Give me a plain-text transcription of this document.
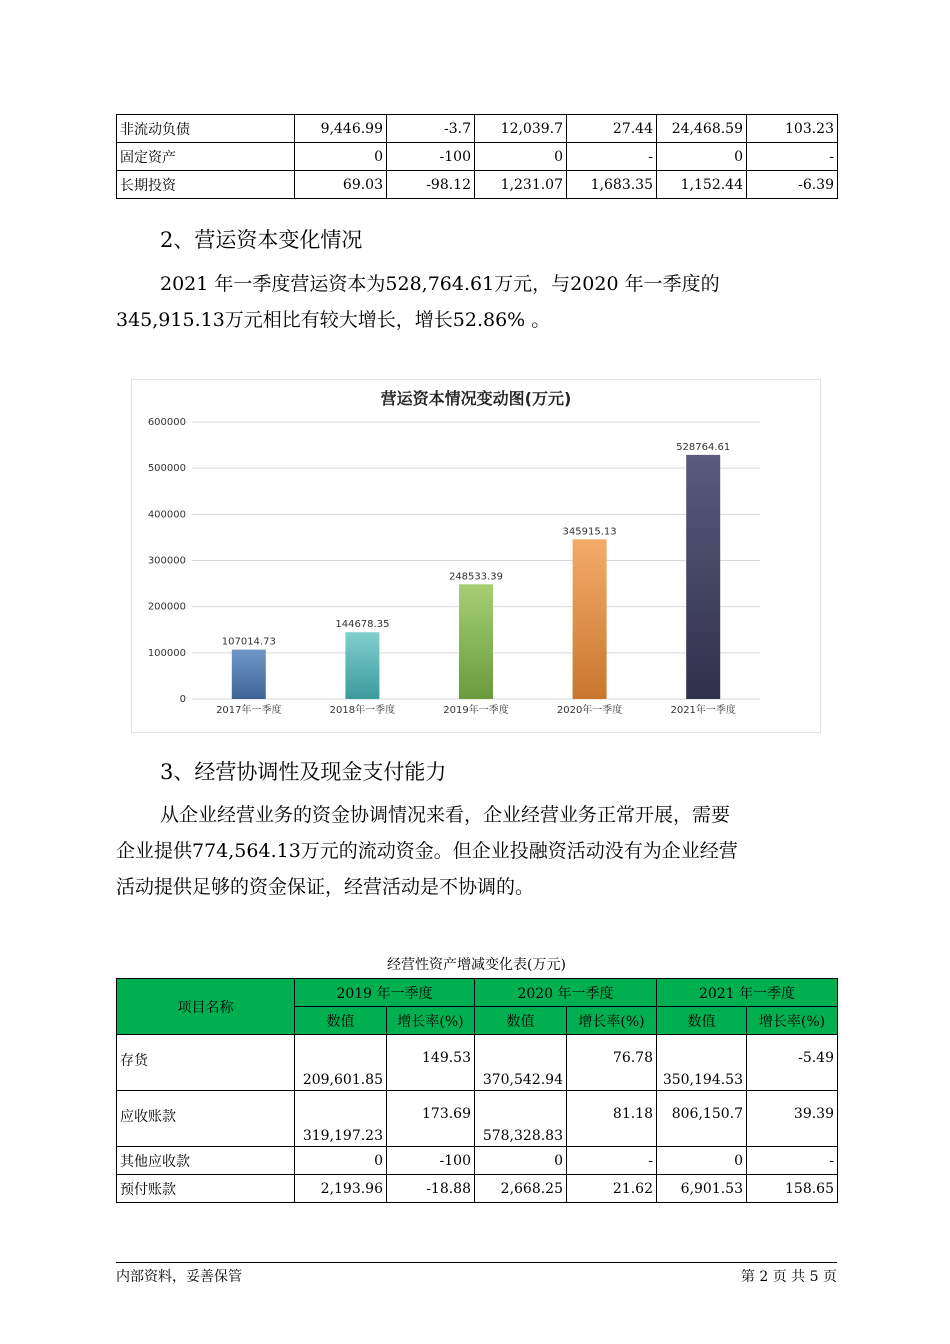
非流动负债	9,446.99	-3.7	12,039.7	27.44	24,468.59	103.23
固定资产	0	-100	0	-	0	-
长期投资	69.03	-98.12	1,231.07	1,683.35	1,152.44	-6.39
2、营运资本变化情况
2021 年一季度营运资本为528,764.61万元，与2020 年一季度的
345,915.13万元相比有较大增长，增长52.86% 。
营运资本情况变动图(万元)
0
100000
200000
300000
400000
500000
600000
107014.73
2017年一季度
144678.35
2018年一季度
248533.39
2019年一季度
345915.13
2020年一季度
528764.61
2021年一季度
3、经营协调性及现金支付能力
从企业经营业务的资金协调情况来看，企业经营业务正常开展，需要
企业提供774,564.13万元的流动资金。但企业投融资活动没有为企业经营
活动提供足够的资金保证，经营活动是不协调的。
经营性资产增减变化表(万元)
项目名称	2019 年一季度		2020 年一季度		2021 年一季度	
	数值	增长率(%)	数值	增长率(%)	数值	增长率(%)
存货	209,601.85	149.53	370,542.94	76.78	350,194.53	-5.49
应收账款	319,197.23	173.69	578,328.83	81.18	806,150.7	39.39
其他应收款	0	-100	0	-	0	-
预付账款	2,193.96	-18.88	2,668.25	21.62	6,901.53	158.65
内部资料，妥善保管	第 2 页 共 5 页
